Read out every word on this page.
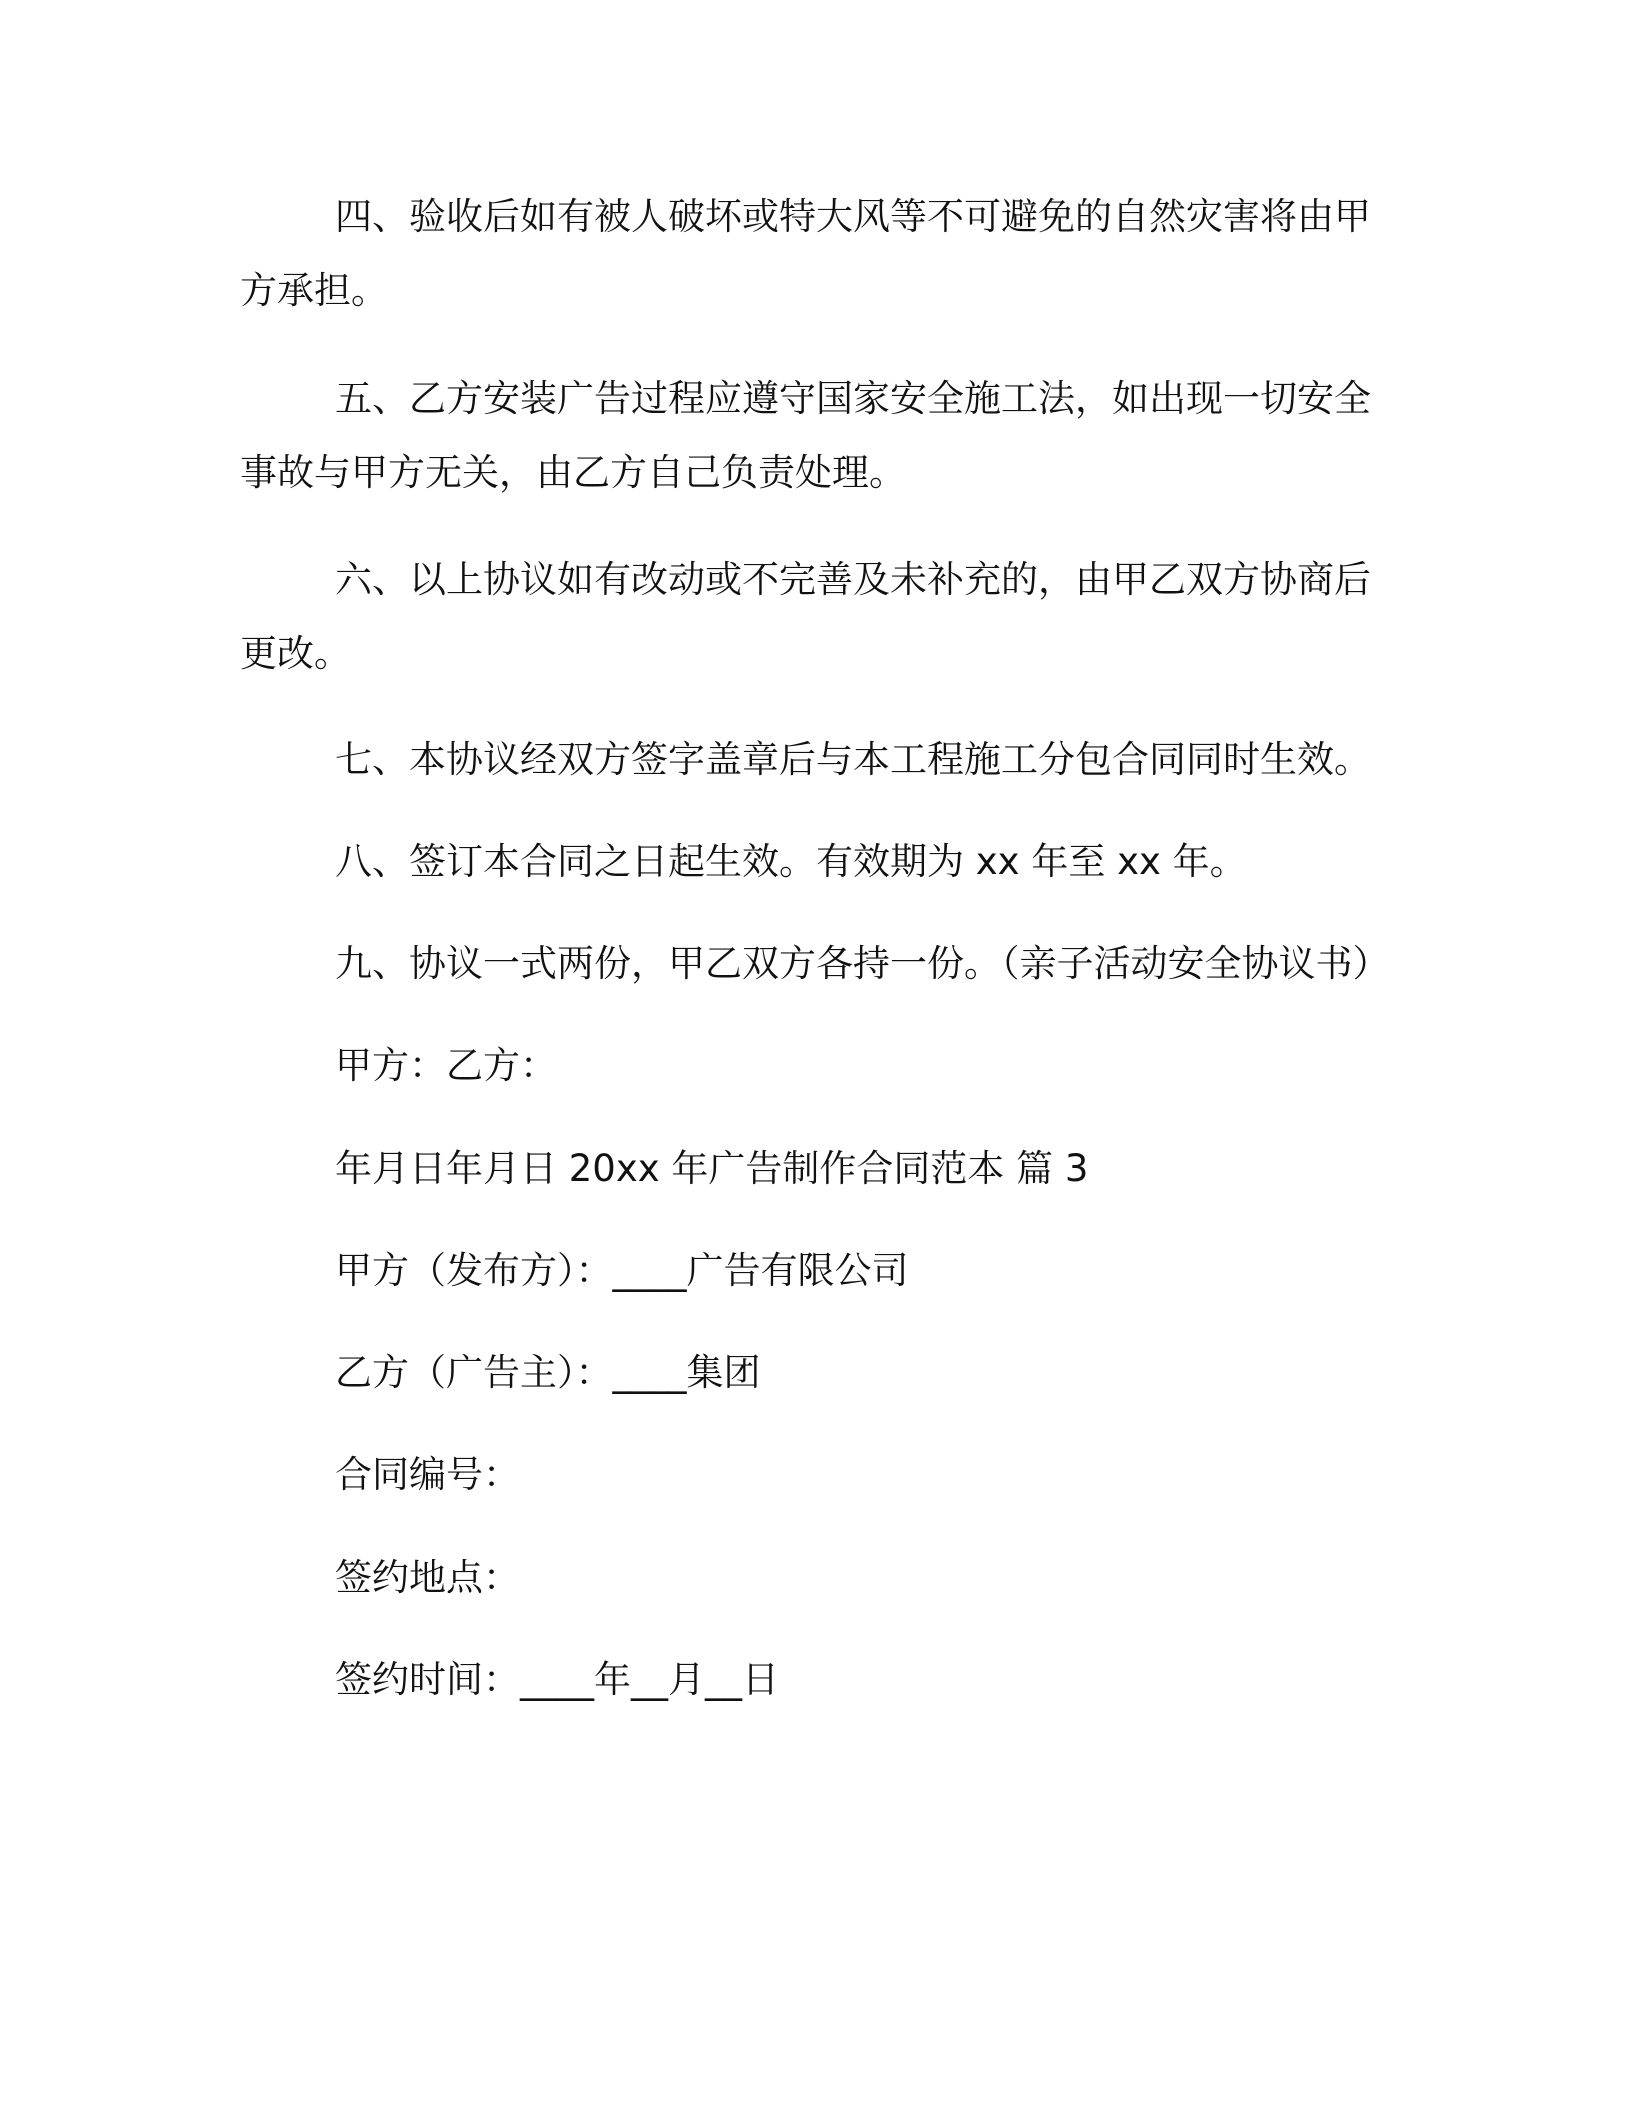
四、验收后如有被人破坏或特大风等不可避免的自然灾害将由甲方承担。

五、乙方安装广告过程应遵守国家安全施工法，如出现一切安全事故与甲方无关，由乙方自己负责处理。

六、以上协议如有改动或不完善及未补充的，由甲乙双方协商后更改。

七、本协议经双方签字盖章后与本工程施工分包合同同时生效。

八、签订本合同之日起生效。有效期为 xx 年至 xx 年。

九、协议一式两份，甲乙双方各持一份。（亲子活动安全协议书）

甲方：乙方：

年月日年月日 20xx 年广告制作合同范本 篇 3

甲方（发布方）：____广告有限公司

乙方（广告主）：____集团

合同编号：

签约地点：

签约时间：____年__月__日
